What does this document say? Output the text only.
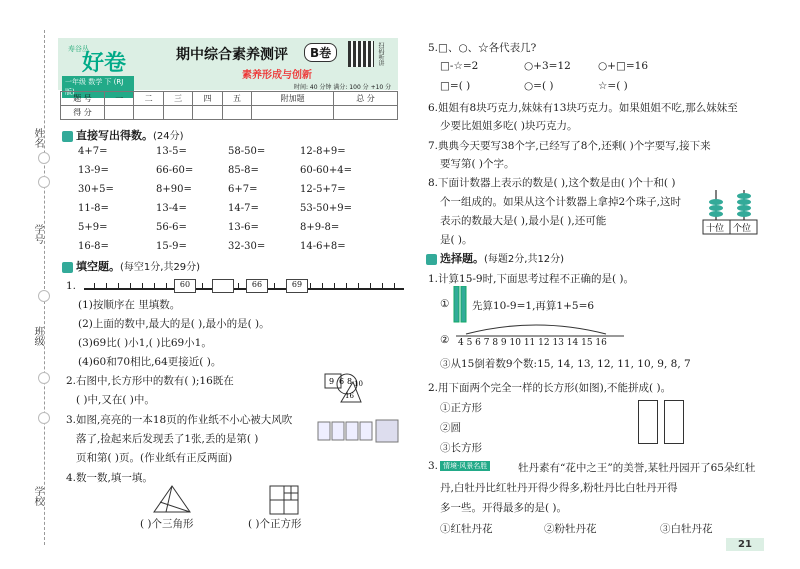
姓名
学号
班级
学校
寿谷丛
好卷
一年级 数学 下 (RJ版)
期中综合素养测评	B卷
素养形成与创新
扫码听讲
时间: 40 分钟 满分: 100 分 +10 分
题 号	一	二	三	四	五	附加题	总 分
得 分							
直接写出得数。(24分)
4+7=	13-5=	58-50=	12-8+9=
13-9=	66-60=	85-8=	60-60+4=
30+5=	8+90=	6+7=	12-5+7=
11-8=	13-4=	14-7=	53-50+9=
5+9=	56-6=	13-6=	8+9-8=
16-8=	15-9=	32-30=	14-6+8=
填空题。(每空1分,共29分)
1.	60	66	69
(1)按顺序在 里填数。
(2)上面的数中,最大的是( ),最小的是( )。
(3)69比( )小1,( )比69小1。
(4)60和70相比,64更接近( )。
2.右图中,长方形中的数有( );16既在
( )中,又在( )中。
9 6 8 10
16
3.如图,亮亮的一本18页的作业纸不小心被大风吹
落了,捡起来后发现丢了1张,丢的是第( )
页和第( )页。(作业纸有正反两面)
4.数一数,填一填。
( )个三角形	( )个正方形
5.□、○、☆各代表几?
□-☆=2	○+3=12	○+□=16
□=( )	○=( )	☆=( )
6.姐姐有8块巧克力,妹妹有13块巧克力。如果姐姐不吃,那么妹妹至
少要比姐姐多吃( )块巧克力。
7.典典今天要写38个字,已经写了8个,还剩( )个字要写,接下来
要写第( )个字。
8.下面计数器上表示的数是( ),这个数是由( )个十和( )
个一组成的。如果从这个计数器上拿掉2个珠子,这时
表示的数最大是( ),最小是( ),还可能
是( )。
十位 个位
选择题。(每题2分,共12分)
1.计算15-9时,下面思考过程不正确的是( )。
① 先算10-9=1,再算1+5=6
② 4 5 6 7 8 9 10 11 12 13 14 15 16
③从15倒着数9个数:15, 14, 13, 12, 11, 10, 9, 8, 7
2.用下面两个完全一样的长方形(如图),不能拼成( )。
①正方形
②圆
③长方形
3. 情境·风景名胜	牡丹素有“花中之王”的美誉,某牡丹园开了65朵红牡
丹,白牡丹比红牡丹开得少得多,粉牡丹比白牡丹开得
多一些。开得最多的是( )。
①红牡丹花	②粉牡丹花	③白牡丹花
21
